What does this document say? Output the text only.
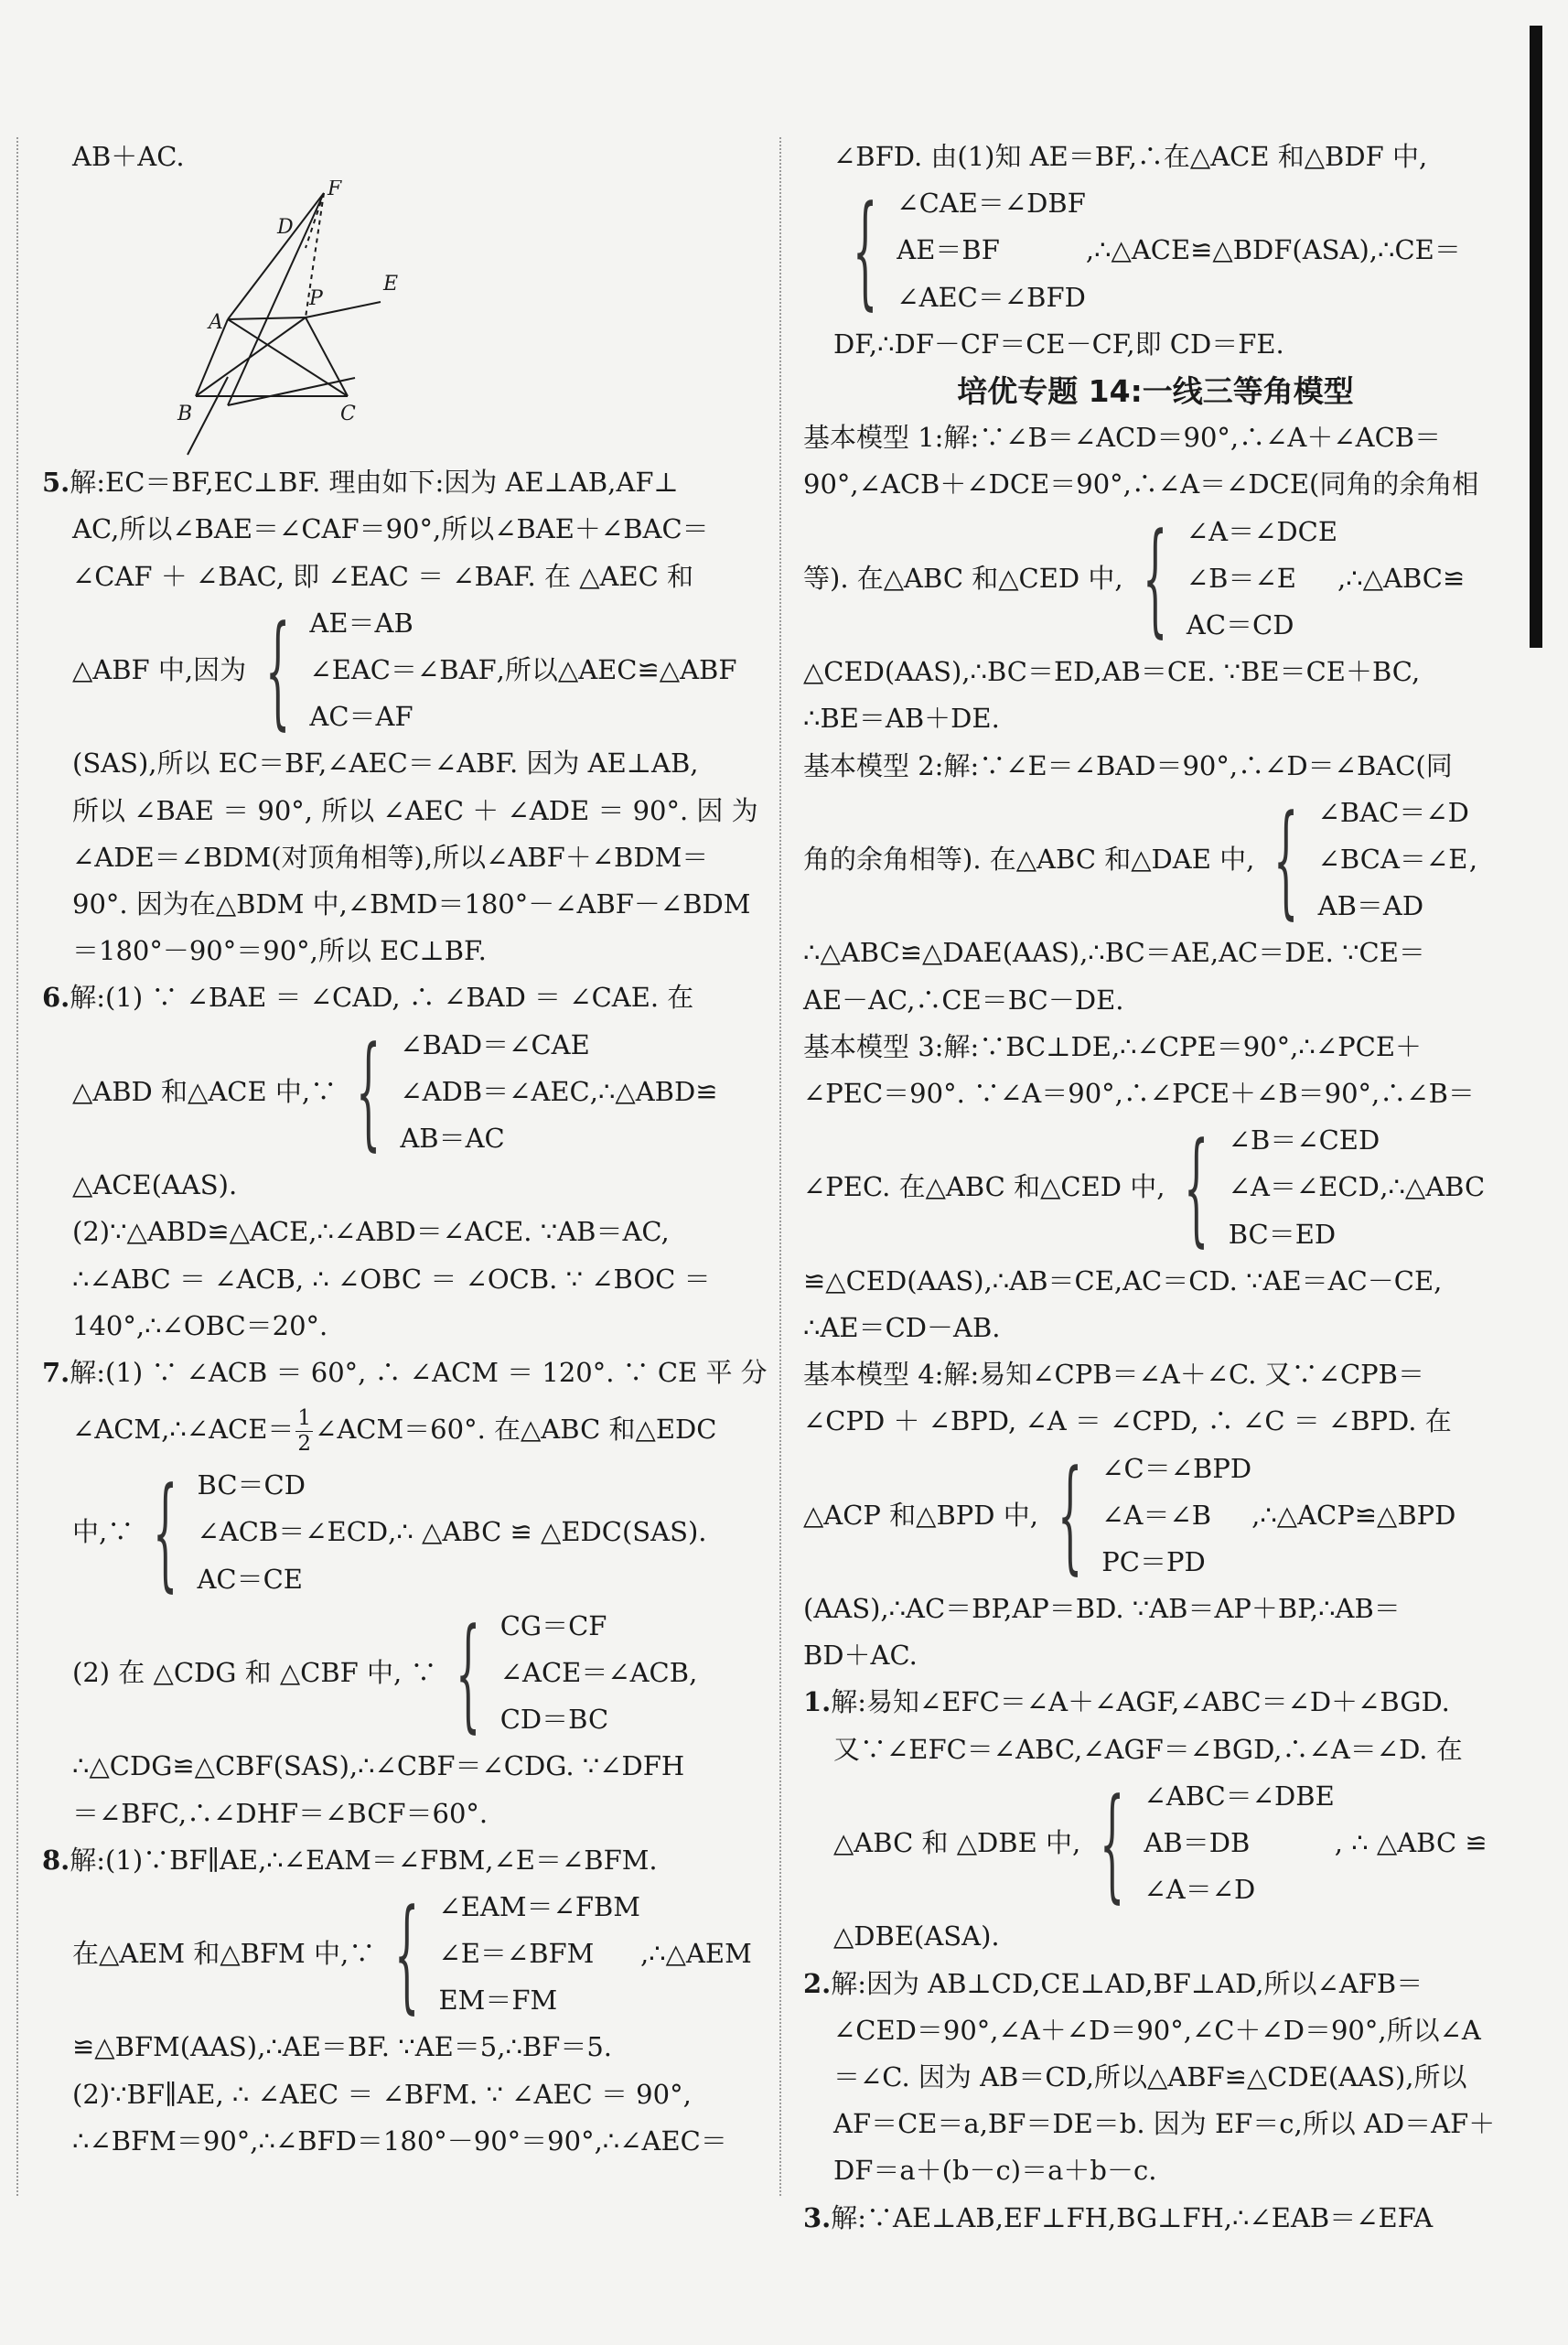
AB＋AC.

F
D
E
P
A
B	C

5.解:EC＝BF,EC⊥BF. 理由如下:因为 AE⊥AB,AF⊥

AC,所以∠BAE＝∠CAF＝90°,所以∠BAE＋∠BAC＝

∠CAF ＋ ∠BAC, 即 ∠EAC ＝ ∠BAF. 在 △AEC 和

△ABF 中,因为 { AE＝AB
∠EAC＝∠BAF
AC＝AF
,所以△AEC≌△ABF

(SAS),所以 EC＝BF,∠AEC＝∠ABF. 因为 AE⊥AB,

所以 ∠BAE ＝ 90°, 所以 ∠AEC ＋ ∠ADE ＝ 90°. 因 为

∠ADE＝∠BDM(对顶角相等),所以∠ABF＋∠BDM＝

90°. 因为在△BDM 中,∠BMD＝180°－∠ABF－∠BDM

＝180°－90°＝90°,所以 EC⊥BF.

6.解:(1) ∵ ∠BAE ＝ ∠CAD, ∴ ∠BAD ＝ ∠CAE. 在

△ABD 和△ACE 中,∵ { ∠BAD＝∠CAE
∠ADB＝∠AEC
AB＝AC
,∴△ABD≌

△ACE(AAS).

(2)∵△ABD≌△ACE,∴∠ABD＝∠ACE. ∵AB＝AC,

∴∠ABC ＝ ∠ACB, ∴ ∠OBC ＝ ∠OCB. ∵ ∠BOC ＝

140°,∴∠OBC＝20°.

7.解:(1) ∵ ∠ACB ＝ 60°, ∴ ∠ACM ＝ 120°. ∵ CE 平 分

∠ACM,∴∠ACE＝ $\frac{1}{2}$ ∠ACM＝60°. 在△ABC 和△EDC

中,∵ { BC＝CD
∠ACB＝∠ECD
AC＝CE
,∴ △ABC ≌ △EDC(SAS).
(2) 在 △CDG 和 △CBF 中, ∵ { CG＝CF
∠ACE＝∠ACB
CD＝BC
,

∴△CDG≌△CBF(SAS),∴∠CBF＝∠CDG. ∵∠DFH

＝∠BFC,∴∠DHF＝∠BCF＝60°.

8.解:(1)∵BF∥AE,∴∠EAM＝∠FBM,∠E＝∠BFM.

在△AEM 和△BFM 中,∵ { ∠EAM＝∠FBM
∠E＝∠BFM
EM＝FM
,∴△AEM

≌△BFM(AAS),∴AE＝BF. ∵AE＝5,∴BF＝5.

(2)∵BF∥AE, ∴ ∠AEC ＝ ∠BFM. ∵ ∠AEC ＝ 90°,

∴∠BFM＝90°,∴∠BFD＝180°－90°＝90°,∴∠AEC＝

∠BFD. 由(1)知 AE＝BF,∴在△ACE 和△BDF 中,

{ ∠CAE＝∠DBF
AE＝BF
∠AEC＝∠BFD
,∴△ACE≌△BDF(ASA),∴CE＝

DF,∴DF－CF＝CE－CF,即 CD＝FE.

培优专题 14:一线三等角模型

基本模型 1:解:∵∠B＝∠ACD＝90°,∴∠A＋∠ACB＝

90°,∠ACB＋∠DCE＝90°,∴∠A＝∠DCE(同角的余角相

等). 在△ABC 和△CED 中, { ∠A＝∠DCE
∠B＝∠E
AC＝CD
,∴△ABC≌

△CED(AAS),∴BC＝ED,AB＝CE. ∵BE＝CE＋BC,

∴BE＝AB＋DE.

基本模型 2:解:∵∠E＝∠BAD＝90°,∴∠D＝∠BAC(同

角的余角相等). 在△ABC 和△DAE 中, { ∠BAC＝∠D
∠BCA＝∠E
AB＝AD
,

∴△ABC≌△DAE(AAS),∴BC＝AE,AC＝DE. ∵CE＝

AE－AC,∴CE＝BC－DE.

基本模型 3:解:∵BC⊥DE,∴∠CPE＝90°,∴∠PCE＋

∠PEC＝90°. ∵∠A＝90°,∴∠PCE＋∠B＝90°,∴∠B＝

∠PEC. 在△ABC 和△CED 中, { ∠B＝∠CED
∠A＝∠ECD
BC＝ED
,∴△ABC

≌△CED(AAS),∴AB＝CE,AC＝CD. ∵AE＝AC－CE,

∴AE＝CD－AB.

基本模型 4:解:易知∠CPB＝∠A＋∠C. 又∵∠CPB＝

∠CPD ＋ ∠BPD, ∠A ＝ ∠CPD, ∴ ∠C ＝ ∠BPD. 在

△ACP 和△BPD 中, { ∠C＝∠BPD
∠A＝∠B
PC＝PD
,∴△ACP≌△BPD

(AAS),∴AC＝BP,AP＝BD. ∵AB＝AP＋BP,∴AB＝

BD＋AC.

1.解:易知∠EFC＝∠A＋∠AGF,∠ABC＝∠D＋∠BGD.

又∵∠EFC＝∠ABC,∠AGF＝∠BGD,∴∠A＝∠D. 在

△ABC 和 △DBE 中, { ∠ABC＝∠DBE
AB＝DB
∠A＝∠D
, ∴ △ABC ≌

△DBE(ASA).

2.解:因为 AB⊥CD,CE⊥AD,BF⊥AD,所以∠AFB＝

∠CED＝90°,∠A＋∠D＝90°,∠C＋∠D＝90°,所以∠A

＝∠C. 因为 AB＝CD,所以△ABF≌△CDE(AAS),所以

AF＝CE＝a,BF＝DE＝b. 因为 EF＝c,所以 AD＝AF＋

DF＝a＋(b－c)＝a＋b－c.

3.解:∵AE⊥AB,EF⊥FH,BG⊥FH,∴∠EAB＝∠EFA
